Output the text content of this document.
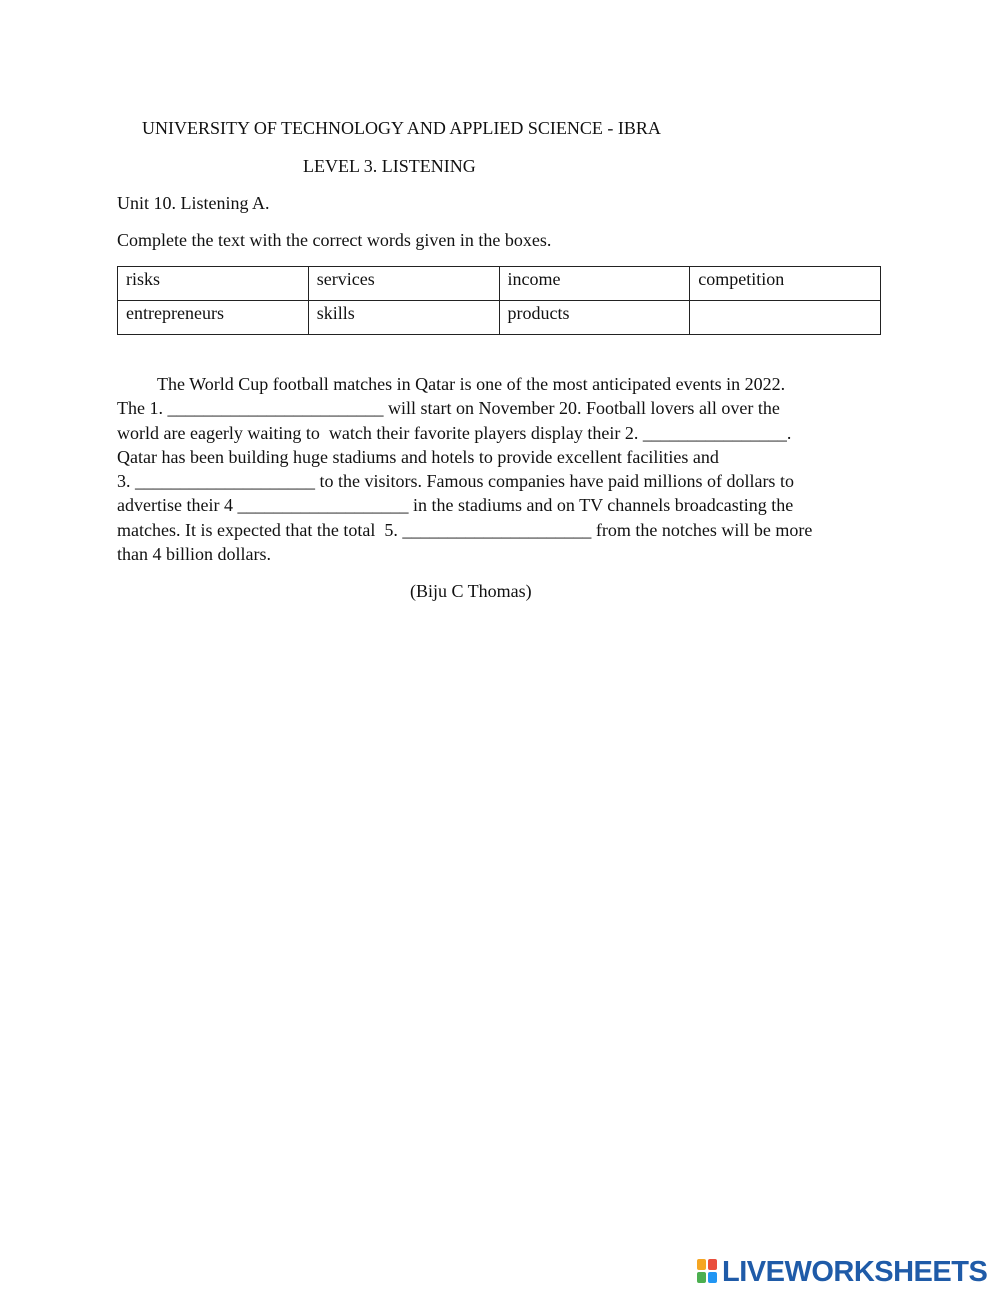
UNIVERSITY OF TECHNOLOGY AND APPLIED SCIENCE - IBRA
LEVEL 3. LISTENING
Unit 10. Listening A.
Complete the text with the correct words given in the boxes.
risks	services	income	competition
entrepreneurs	skills	products	
The World Cup football matches in Qatar is one of the most anticipated events in 2022.
The 1. ________________________ will start on November 20. Football lovers all over the
world are eagerly waiting to  watch their favorite players display their 2. ________________.
Qatar has been building huge stadiums and hotels to provide excellent facilities and
3. ____________________ to the visitors. Famous companies have paid millions of dollars to
advertise their 4 ___________________ in the stadiums and on TV channels broadcasting the
matches. It is expected that the total  5. _____________________ from the notches will be more
than 4 billion dollars.
(Biju C Thomas)
LIVEWORKSHEETS
